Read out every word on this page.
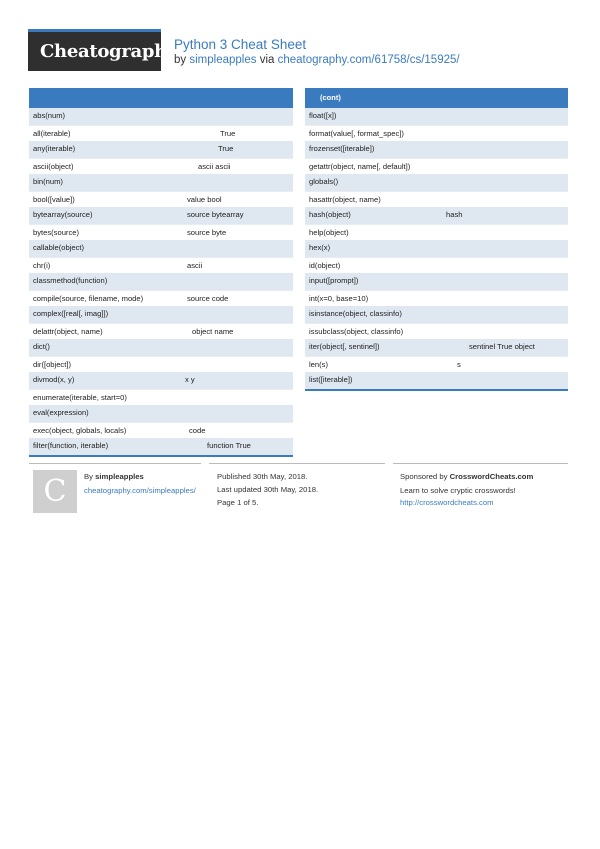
Cheatography
Python 3 Cheat Sheet
by simpleapples via cheatography.com/61758/cs/15925/
abs(num)
all(iterable)	True
any(iterable)	True
ascii(object)	ascii ascii
bin(num)
bool([value])	value bool
bytearray(source)	source bytearray
bytes(source)	source byte
callable(object)
chr(i)	ascii
classmethod(function)
compile(source, filename, mode)	source code
complex([real[, imag]])
delattr(object, name)	object name
dict()
dir([object])
divmod(x, y)	x y
enumerate(iterable, start=0)
eval(expression)
exec(object, globals, locals)	code
filter(function, iterable)	function True
(cont)
float([x])
format(value[, format_spec])
frozenset([iterable])
getattr(object, name[, default])
globals()
hasattr(object, name)
hash(object)	hash
help(object)
hex(x)
id(object)
input([prompt])
int(x=0, base=10)
isinstance(object, classinfo)
issubclass(object, classinfo)
iter(object[, sentinel])	sentinel True object
len(s)	s
list([iterable])
C	By simpleapples
cheatography.com/simpleapples/
Published 30th May, 2018.
Last updated 30th May, 2018.
Page 1 of 5.
Sponsored by CrosswordCheats.com
Learn to solve cryptic crosswords!
http://crosswordcheats.com
